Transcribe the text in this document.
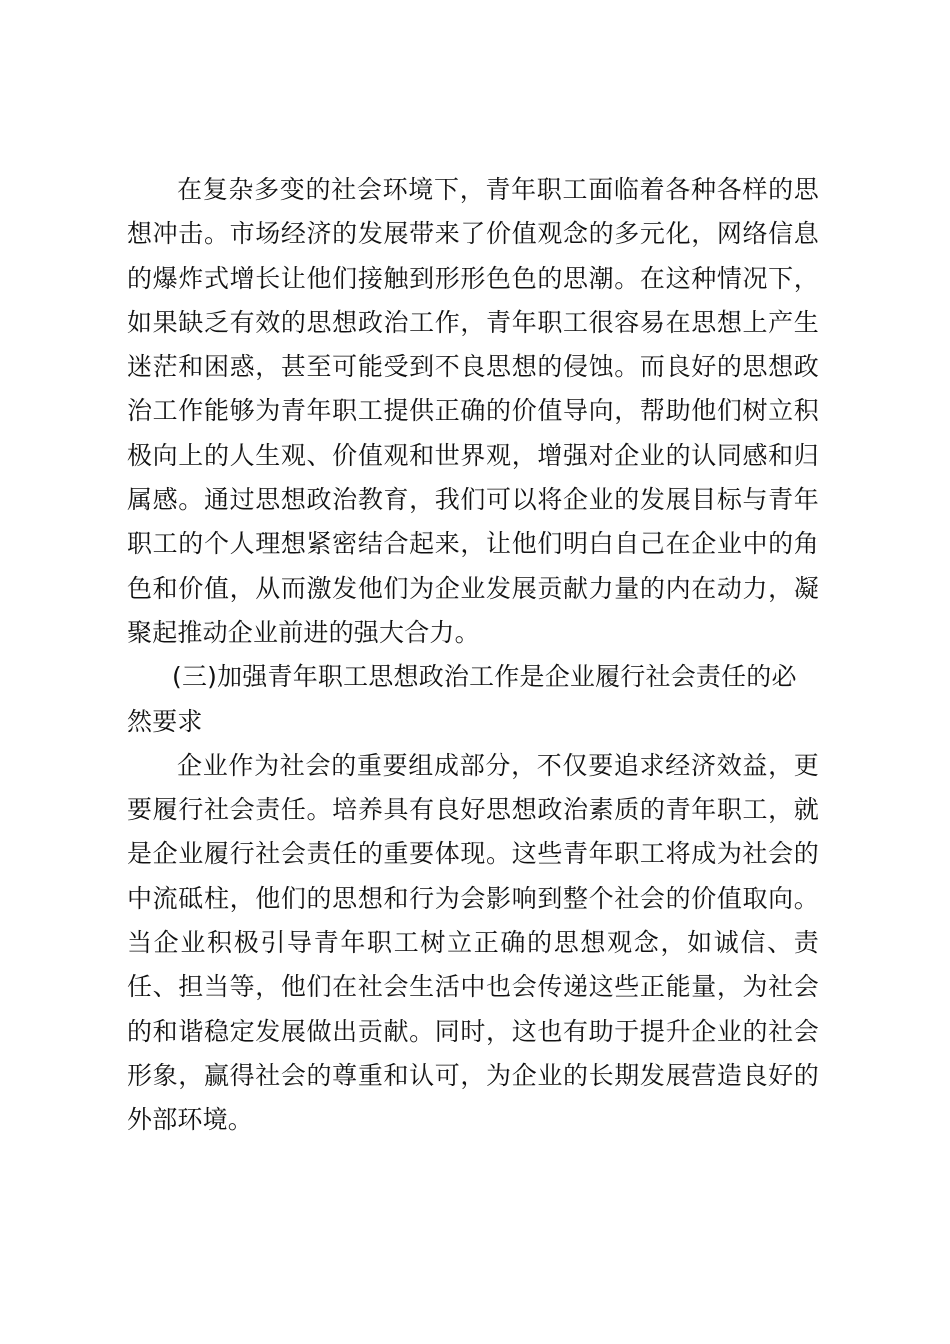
在复杂多变的社会环境下，青年职工面临着各种各样的思想冲击。市场经济的发展带来了价值观念的多元化，网络信息的爆炸式增长让他们接触到形形色色的思潮。在这种情况下，如果缺乏有效的思想政治工作，青年职工很容易在思想上产生迷茫和困惑，甚至可能受到不良思想的侵蚀。而良好的思想政治工作能够为青年职工提供正确的价值导向，帮助他们树立积极向上的人生观、价值观和世界观，增强对企业的认同感和归属感。通过思想政治教育，我们可以将企业的发展目标与青年职工的个人理想紧密结合起来，让他们明白自己在企业中的角色和价值，从而激发他们为企业发展贡献力量的内在动力，凝聚起推动企业前进的强大合力。

(三)加强青年职工思想政治工作是企业履行社会责任的必然要求

企业作为社会的重要组成部分，不仅要追求经济效益，更要履行社会责任。培养具有良好思想政治素质的青年职工，就是企业履行社会责任的重要体现。这些青年职工将成为社会的中流砥柱，他们的思想和行为会影响到整个社会的价值取向。当企业积极引导青年职工树立正确的思想观念，如诚信、责任、担当等，他们在社会生活中也会传递这些正能量，为社会的和谐稳定发展做出贡献。同时，这也有助于提升企业的社会形象，赢得社会的尊重和认可，为企业的长期发展营造良好的外部环境。
